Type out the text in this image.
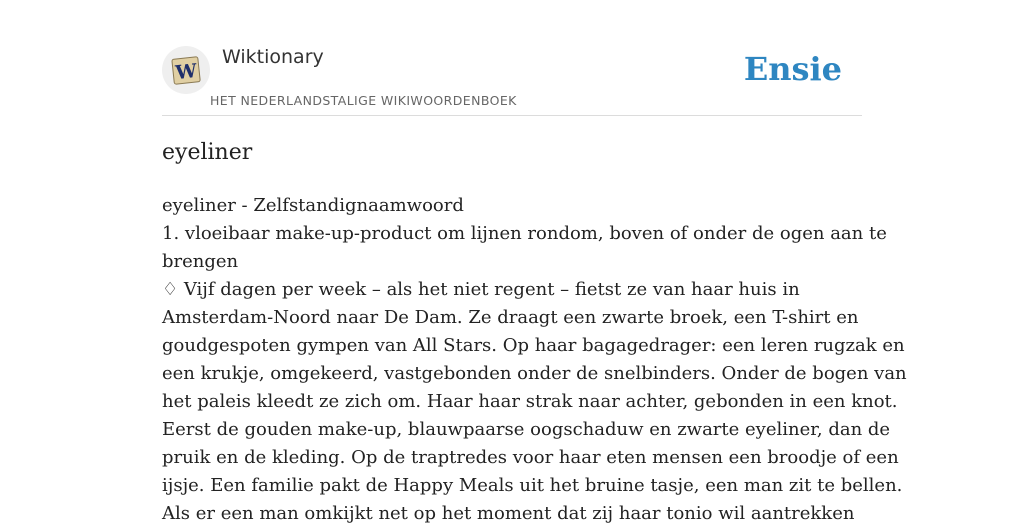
W
Wiktionary
HET NEDERLANDSTALIGE WIKIWOORDENBOEK
Ensie
eyeliner

eyeliner - Zelfstandignaamwoord

1. vloeibaar make-up-product om lijnen rondom, boven of onder de ogen aan te

brengen

♢ Vijf dagen per week – als het niet regent – fietst ze van haar huis in

Amsterdam-Noord naar De Dam. Ze draagt een zwarte broek, een T-shirt en

goudgespoten gympen van All Stars. Op haar bagagedrager: een leren rugzak en

een krukje, omgekeerd, vastgebonden onder de snelbinders. Onder de bogen van

het paleis kleedt ze zich om. Haar haar strak naar achter, gebonden in een knot.

Eerst de gouden make-up, blauwpaarse oogschaduw en zwarte eyeliner, dan de

pruik en de kleding. Op de traptredes voor haar eten mensen een broodje of een

ijsje. Een familie pakt de Happy Meals uit het bruine tasje, een man zit te bellen.

Als er een man omkijkt net op het moment dat zij haar tonio wil aantrekken
